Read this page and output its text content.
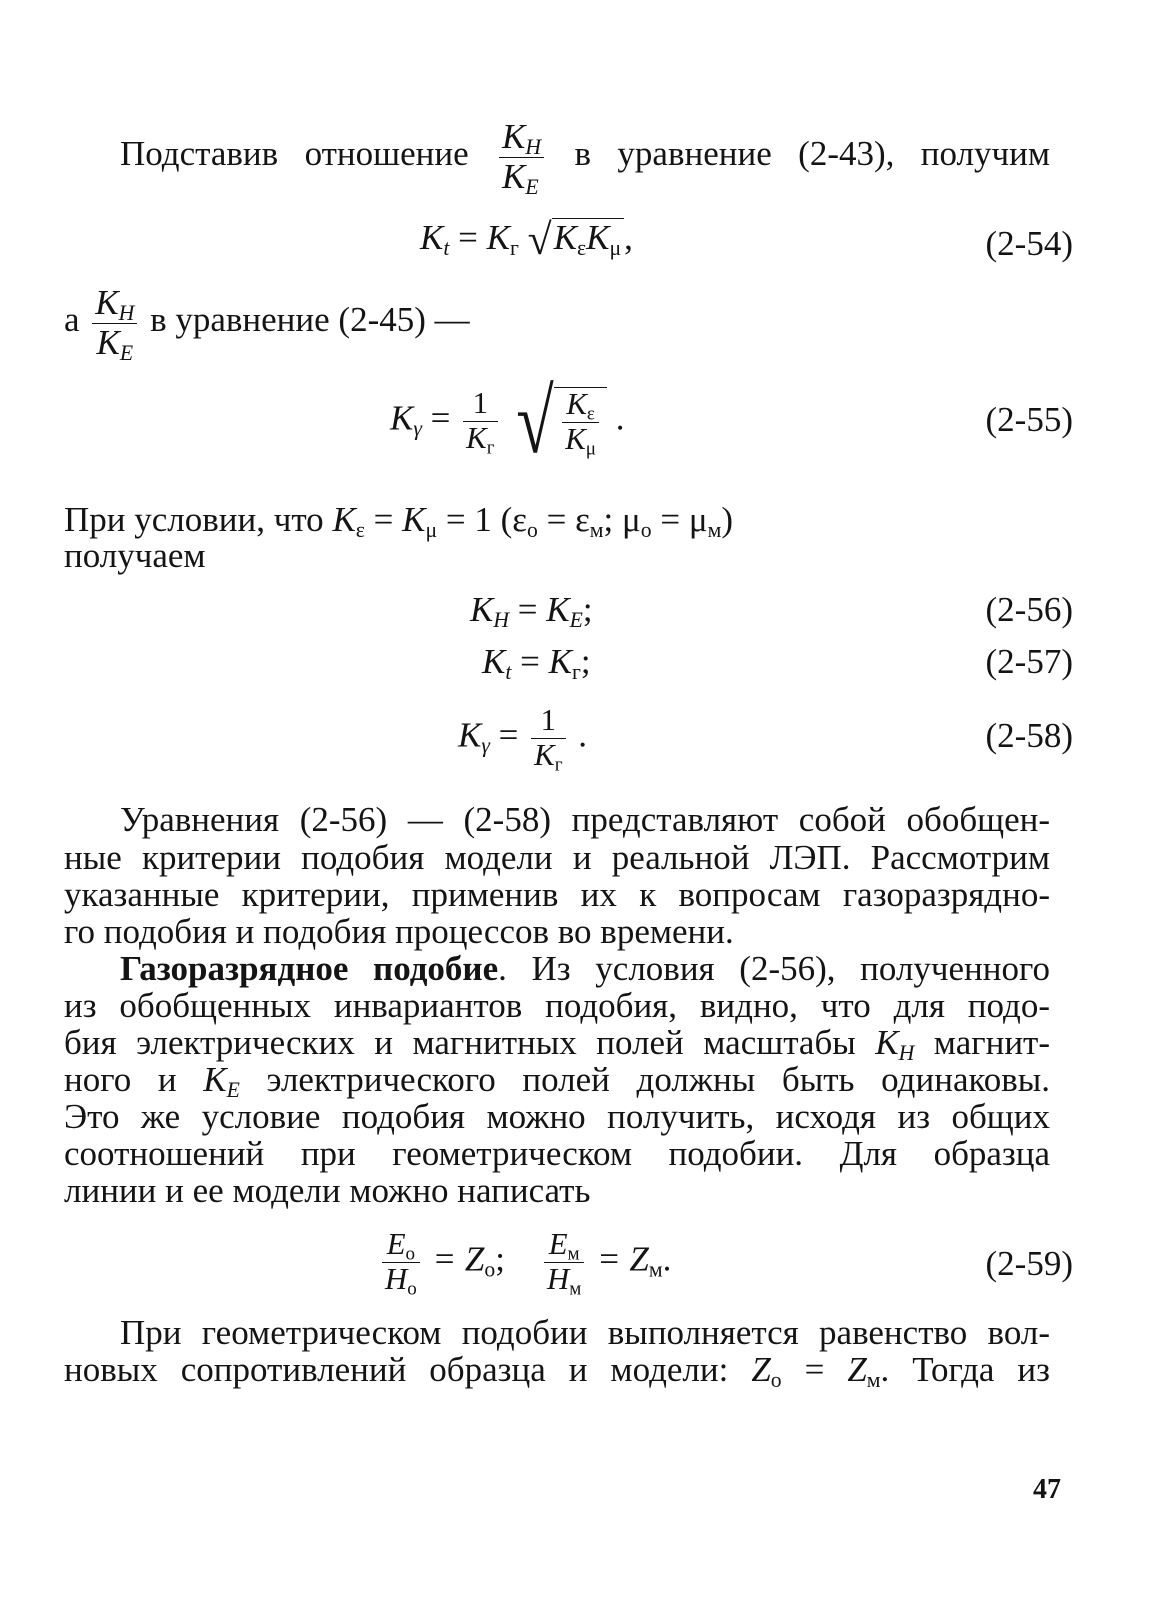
Подставив отношение $\frac{K_H}{K_E}$ в уравнение (2-43), получим
$K_t = K_г$ $√K_\varepsilon K_\mu$,	(2-54)
а $\frac{K_H}{K_E}$ в уравнение (2-45) —
$K_\gamma = \frac{1}{K_г}$ √ $\frac{K_\varepsilon}{K_\mu}$ .	(2-55)
При условии, что $K_\varepsilon = K_\mu = 1$ ($\varepsilon_о = \varepsilon_м$; $\mu_о = \mu_м$)
получаем
$K_H = K_E$;	(2-56)
$K_t = K_г$;	(2-57)
$K_\gamma = \frac{1}{K_г}$ .	(2-58)
Уравнения (2-56) — (2-58) представляют собой обобщен-
ные критерии подобия модели и реальной ЛЭП. Рассмотрим
указанные критерии, применив их к вопросам газоразрядно-
го подобия и подобия процессов во времени.
Газоразрядное подобие. Из условия (2-56), полученного
из обобщенных инвариантов подобия, видно, что для подо-
бия электрических и магнитных полей масштабы $K_H$ магнит-
ного и $K_E$ электрического полей должны быть одинаковы.
Это же условие подобия можно получить, исходя из общих
соотношений при геометрическом подобии. Для образца
линии и ее модели можно написать
$\frac{E_о}{H_о} = Z_о$; $\frac{E_м}{H_м} = Z_м$.	(2-59)
При геометрическом подобии выполняется равенство вол-
новых сопротивлений образца и модели: $Z_о = Z_м$. Тогда из
47
